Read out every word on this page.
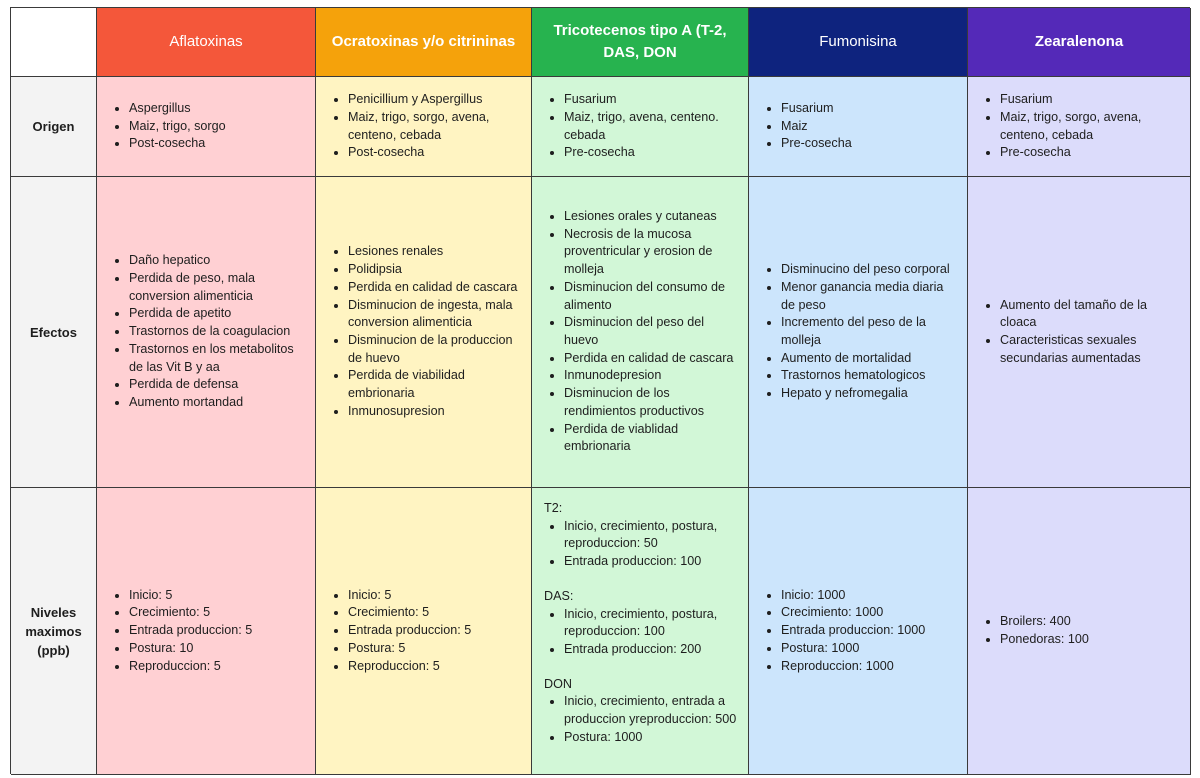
Aflatoxinas	Ocratoxinas y/o citrininas
Tricotecenos tipo A (T-2, DAS, DON
Fumonisina	Zearalenona
Origen
• Aspergillus
• Maiz, trigo, sorgo
• Post-cosecha
• Penicillium y Aspergillus
• Maiz, trigo, sorgo, avena, centeno, cebada
• Post-cosecha
• Fusarium
• Maiz, trigo, avena, centeno. cebada
• Pre-cosecha
• Fusarium
• Maiz
• Pre-cosecha
• Fusarium
• Maiz, trigo, sorgo, avena, centeno, cebada
• Pre-cosecha
Efectos
• Daño hepatico
• Perdida de peso, mala conversion alimenticia
• Perdida de apetito
• Trastornos de la coagulacion
• Trastornos en los metabolitos de las Vit B y aa
• Perdida de defensa
• Aumento mortandad
• Lesiones renales
• Polidipsia
• Perdida en calidad de cascara
• Disminucion de ingesta, mala conversion alimenticia
• Disminucion de la produccion de huevo
• Perdida de viabilidad embrionaria
• Inmunosupresion
• Lesiones orales y cutaneas
• Necrosis de la mucosa proventricular y erosion de molleja
• Disminucion del consumo de alimento
• Disminucion del peso del huevo
• Perdida en calidad de cascara
• Inmunodepresion
• Disminucion de los rendimientos productivos
• Perdida de viablidad embrionaria
• Disminucino del peso corporal
• Menor ganancia media diaria de peso
• Incremento del peso de la molleja
• Aumento de mortalidad
• Trastornos hematologicos
• Hepato y nefromegalia
• Aumento del tamaño de la cloaca
• Caracteristicas sexuales secundarias aumentadas
Niveles maximos (ppb)
• Inicio: 5
• Crecimiento: 5
• Entrada produccion: 5
• Postura: 10
• Reproduccion: 5
• Inicio: 5
• Crecimiento: 5
• Entrada produccion: 5
• Postura: 5
• Reproduccion: 5
T2:
• Inicio, crecimiento, postura, reproduccion: 50
• Entrada produccion: 100
DAS:
• Inicio, crecimiento, postura, reproduccion: 100
• Entrada produccion: 200
DON
• Inicio, crecimiento, entrada a produccion yreproduccion: 500
• Postura: 1000
• Inicio: 1000
• Crecimiento: 1000
• Entrada produccion: 1000
• Postura: 1000
• Reproduccion: 1000
• Broilers: 400
• Ponedoras: 100
